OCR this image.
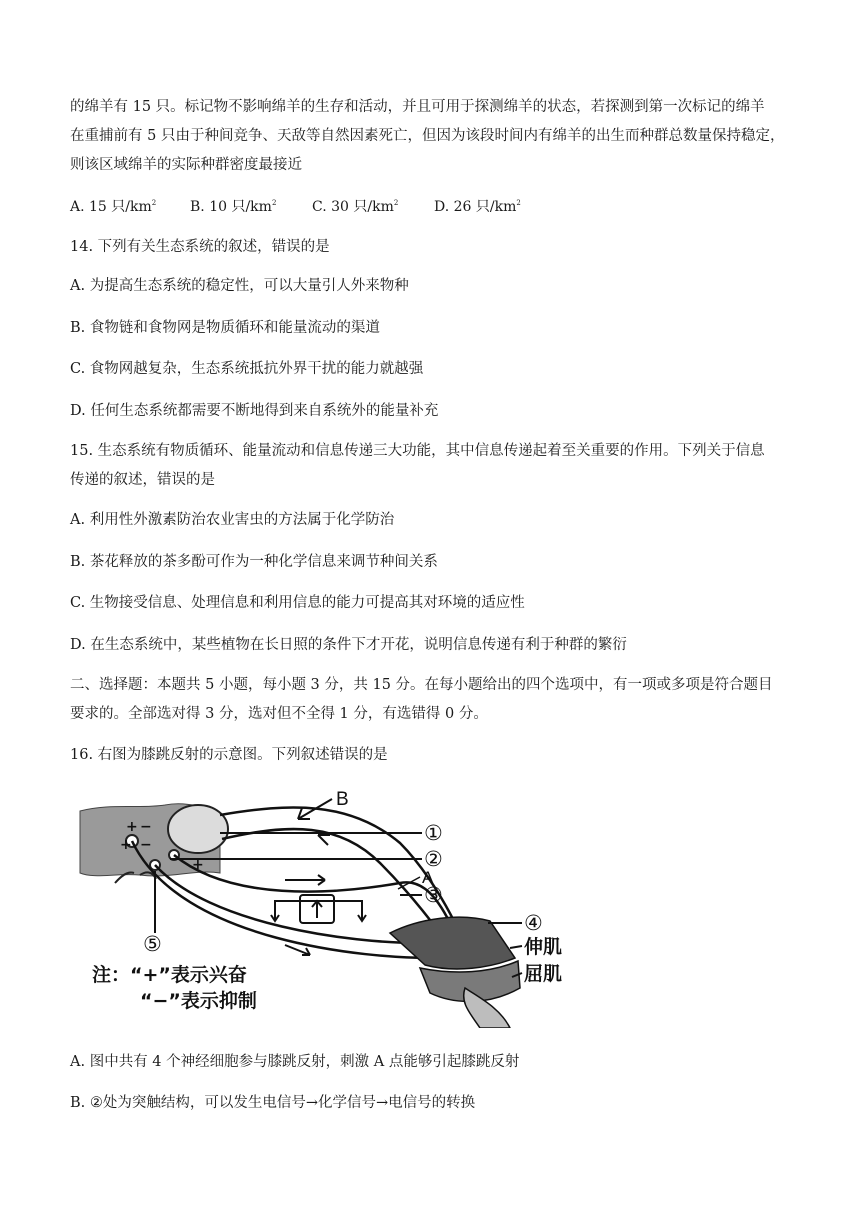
的绵羊有 15 只。标记物不影响绵羊的生存和活动，并且可用于探测绵羊的状态，若探测到第一次标记的绵羊
在重捕前有 5 只由于种间竞争、天敌等自然因素死亡，但因为该段时间内有绵羊的出生而种群总数量保持稳定，
则该区域绵羊的实际种群密度最接近
A. 15 只$/km^2$ B. 10 只$/km^2$	C. 30 只$/km^2$	D. 26 只$/km^2$
14. 下列有关生态系统的叙述，错误的是
A. 为提高生态系统的稳定性，可以大量引人外来物种
B. 食物链和食物网是物质循环和能量流动的渠道
C. 食物网越复杂，生态系统抵抗外界干扰的能力就越强
D. 任何生态系统都需要不断地得到来自系统外的能量补充
15. 生态系统有物质循环、能量流动和信息传递三大功能，其中信息传递起着至关重要的作用。下列关于信息
传递的叙述，错误的是
A. 利用性外激素防治农业害虫的方法属于化学防治
B. 茶花释放的茶多酚可作为一种化学信息来调节种间关系
C. 生物接受信息、处理信息和利用信息的能力可提高其对环境的适应性
D. 在生态系统中，某些植物在长日照的条件下才开花，说明信息传递有利于种群的繁衍
二、选择题：本题共 5 小题，每小题 3 分，共 15 分。在每小题给出的四个选项中，有一项或多项是符合题目
要求的。全部选对得 3 分，选对但不全得 1 分，有选错得 0 分。
16. 右图为膝跳反射的示意图。下列叙述错误的是
B
A
①
②
③
④
⑤	伸肌
屈肌
+ −
+ −
+
注：“+”表示兴奋
“−”表示抑制
A. 图中共有 4 个神经细胞参与膝跳反射，刺激 A 点能够引起膝跳反射
B. ②处为突触结构，可以发生电信号→化学信号→电信号的转换
